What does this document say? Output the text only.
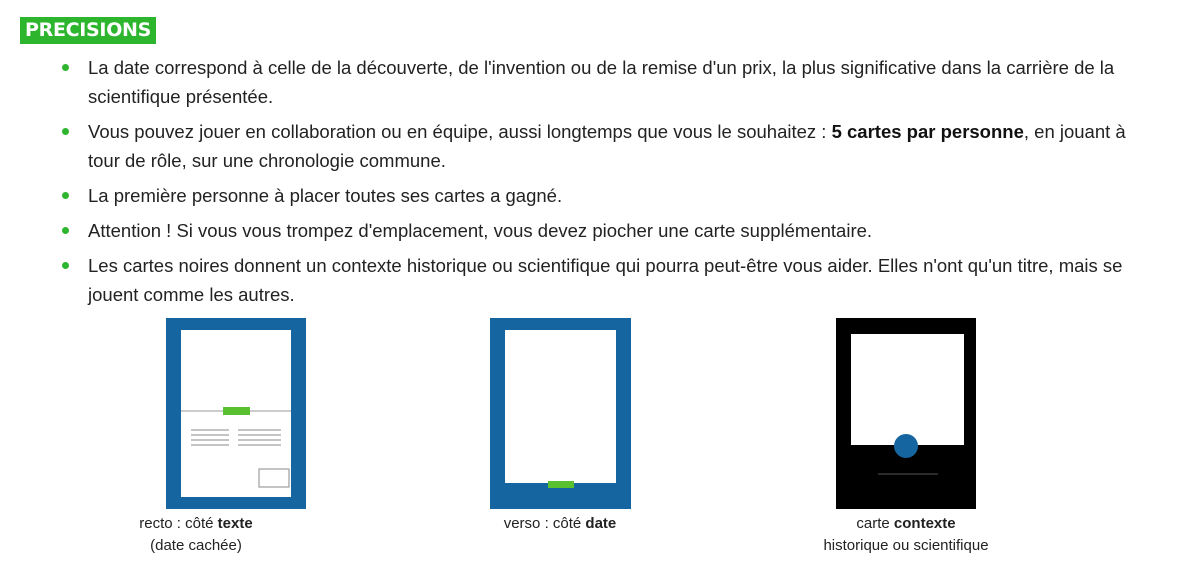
PRECISIONS
La date correspond à celle de la découverte, de l'invention ou de la remise d'un prix, la plus significative dans la carrière de la scientifique présentée.
Vous pouvez jouer en collaboration ou en équipe, aussi longtemps que vous le souhaitez : 5 cartes par personne, en jouant à tour de rôle, sur une chronologie commune.
La première personne à placer toutes ses cartes a gagné.
Attention ! Si vous vous trompez d'emplacement, vous devez piocher une carte supplémentaire.
Les cartes noires donnent un contexte historique ou scientifique qui pourra peut-être vous aider. Elles n'ont qu'un titre, mais se jouent comme les autres.
recto : côté texte
(date cachée)
verso : côté date	carte contexte
historique ou scientifique
